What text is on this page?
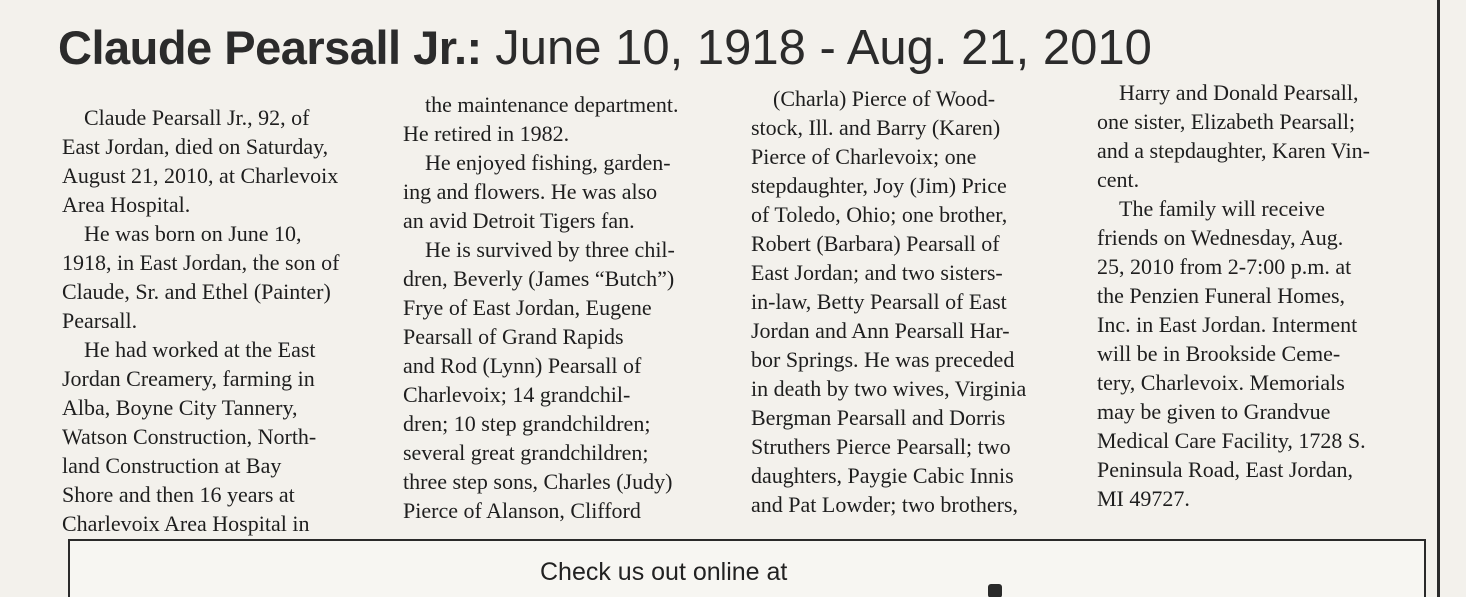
Claude Pearsall Jr.: June 10, 1918 - Aug. 21, 2010
Claude Pearsall Jr., 92, of
East Jordan, died on Saturday,
August 21, 2010, at Charlevoix
Area Hospital.
He was born on June 10,
1918, in East Jordan, the son of
Claude, Sr. and Ethel (Painter)
Pearsall.
He had worked at the East
Jordan Creamery, farming in
Alba, Boyne City Tannery,
Watson Construction, North-
land Construction at Bay
Shore and then 16 years at
Charlevoix Area Hospital in
the maintenance department.
He retired in 1982.
He enjoyed fishing, garden-
ing and flowers. He was also
an avid Detroit Tigers fan.
He is survived by three chil-
dren, Beverly (James “Butch”)
Frye of East Jordan, Eugene
Pearsall of Grand Rapids
and Rod (Lynn) Pearsall of
Charlevoix; 14 grandchil-
dren; 10 step grandchildren;
several great grandchildren;
three step sons, Charles (Judy)
Pierce of Alanson, Clifford
(Charla) Pierce of Wood-
stock, Ill. and Barry (Karen)
Pierce of Charlevoix; one
stepdaughter, Joy (Jim) Price
of Toledo, Ohio; one brother,
Robert (Barbara) Pearsall of
East Jordan; and two sisters-
in-law, Betty Pearsall of East
Jordan and Ann Pearsall Har-
bor Springs. He was preceded
in death by two wives, Virginia
Bergman Pearsall and Dorris
Struthers Pierce Pearsall; two
daughters, Paygie Cabic Innis
and Pat Lowder; two brothers,
Harry and Donald Pearsall,
one sister, Elizabeth Pearsall;
and a stepdaughter, Karen Vin-
cent.
The family will receive
friends on Wednesday, Aug.
25, 2010 from 2-7:00 p.m. at
the Penzien Funeral Homes,
Inc. in East Jordan. Interment
will be in Brookside Ceme-
tery, Charlevoix. Memorials
may be given to Grandvue
Medical Care Facility, 1728 S.
Peninsula Road, East Jordan,
MI 49727.
Check us out online at
